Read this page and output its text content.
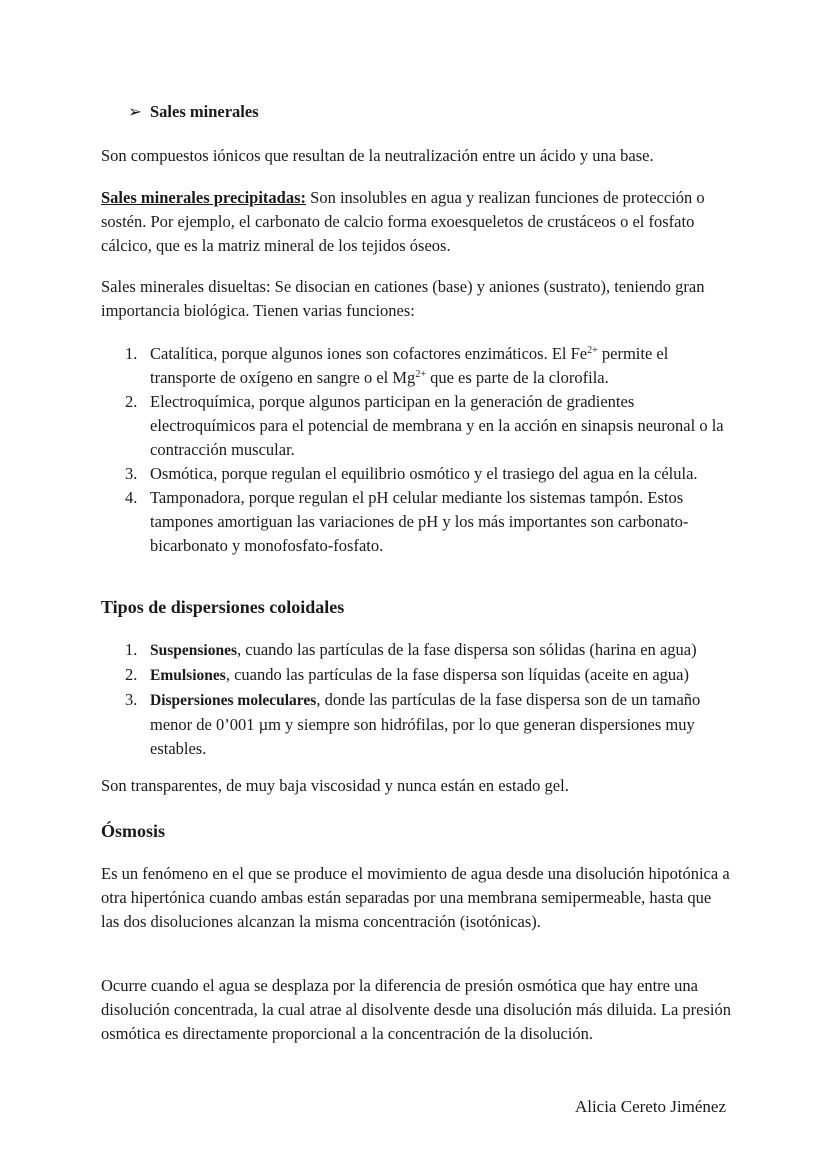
➢ Sales minerales

Son compuestos iónicos que resultan de la neutralización entre un ácido y una base.

Sales minerales precipitadas: Son insolubles en agua y realizan funciones de protección o sostén. Por ejemplo, el carbonato de calcio forma exoesqueletos de crustáceos o el fosfato cálcico, que es la matriz mineral de los tejidos óseos.

Sales minerales disueltas: Se disocian en cationes (base) y aniones (sustrato), teniendo gran importancia biológica. Tienen varias funciones:

1. Catalítica, porque algunos iones son cofactores enzimáticos. El $Fe^{2+}$ permite el transporte de oxígeno en sangre o el $Mg^{2+}$ que es parte de la clorofila.
2. Electroquímica, porque algunos participan en la generación de gradientes electroquímicos para el potencial de membrana y en la acción en sinapsis neuronal o la contracción muscular.
3. Osmótica, porque regulan el equilibrio osmótico y el trasiego del agua en la célula.
4. Tamponadora, porque regulan el pH celular mediante los sistemas tampón. Estos tampones amortiguan las variaciones de pH y los más importantes son carbonato-bicarbonato y monofosfato-fosfato.
Tipos de dispersiones coloidales
1. Suspensiones, cuando las partículas de la fase dispersa son sólidas (harina en agua)
2. Emulsiones, cuando las partículas de la fase dispersa son líquidas (aceite en agua)
3. Dispersiones moleculares, donde las partículas de la fase dispersa son de un tamaño menor de 0’001 µm y siempre son hidrófilas, por lo que generan dispersiones muy estables.

Son transparentes, de muy baja viscosidad y nunca están en estado gel.

Ósmosis

Es un fenómeno en el que se produce el movimiento de agua desde una disolución hipotónica a otra hipertónica cuando ambas están separadas por una membrana semipermeable, hasta que las dos disoluciones alcanzan la misma concentración (isotónicas).

Ocurre cuando el agua se desplaza por la diferencia de presión osmótica que hay entre una disolución concentrada, la cual atrae al disolvente desde una disolución más diluida. La presión osmótica es directamente proporcional a la concentración de la disolución.

Alicia Cereto Jiménez
